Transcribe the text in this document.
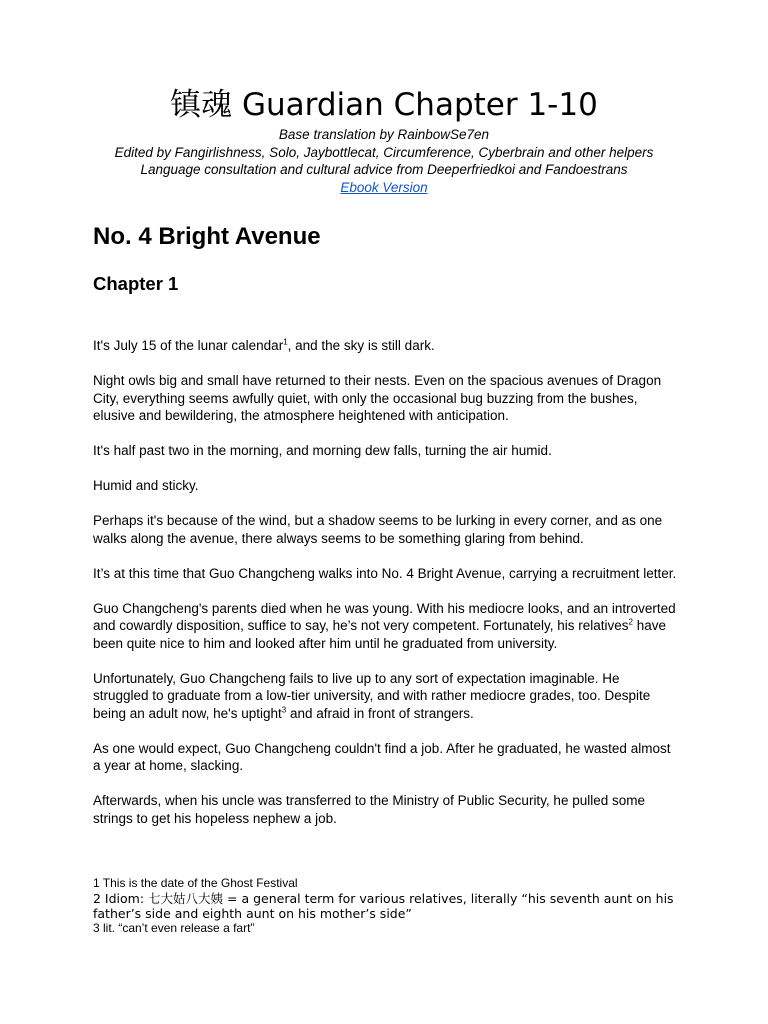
镇魂 Guardian Chapter 1-10
Base translation by RainbowSe7en
Edited by Fangirlishness, Solo, Jaybottlecat, Circumference, Cyberbrain and other helpers
Language consultation and cultural advice from Deeperfriedkoi and Fandoestrans
Ebook Version
No. 4 Bright Avenue
Chapter 1

It's July 15 of the lunar calendar$^1$, and the sky is still dark.

Night owls big and small have returned to their nests. Even on the spacious avenues of Dragon City, everything seems awfully quiet, with only the occasional bug buzzing from the bushes, elusive and bewildering, the atmosphere heightened with anticipation.

It's half past two in the morning, and morning dew falls, turning the air humid.

Humid and sticky.

Perhaps it's because of the wind, but a shadow seems to be lurking in every corner, and as one walks along the avenue, there always seems to be something glaring from behind.

It’s at this time that Guo Changcheng walks into No. 4 Bright Avenue, carrying a recruitment letter.

Guo Changcheng's parents died when he was young. With his mediocre looks, and an introverted and cowardly disposition, suffice to say, he’s not very competent. Fortunately, his relatives$^2$ have been quite nice to him and looked after him until he graduated from university.

Unfortunately, Guo Changcheng fails to live up to any sort of expectation imaginable. He struggled to graduate from a low-tier university, and with rather mediocre grades, too. Despite being an adult now, he's uptight$^3$ and afraid in front of strangers.

As one would expect, Guo Changcheng couldn't find a job. After he graduated, he wasted almost a year at home, slacking.

Afterwards, when his uncle was transferred to the Ministry of Public Security, he pulled some strings to get his hopeless nephew a job.

1 This is the date of the Ghost Festival
2 Idiom: 七大姑八大姨 = a general term for various relatives, literally “his seventh aunt on his father’s side and eighth aunt on his mother’s side”
3 lit. “can’t even release a fart”
